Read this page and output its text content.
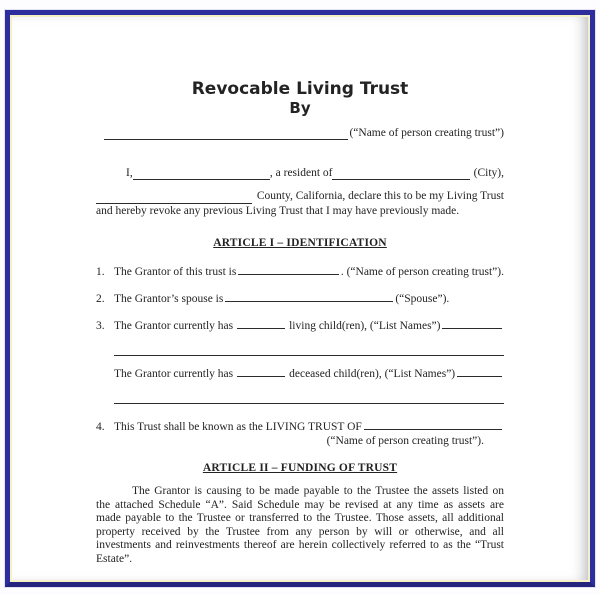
Revocable Living Trust
By
(“Name of person creating trust”)
I,	, a resident of	(City),
County, California, declare this to be my Living Trust
and hereby revoke any previous Living Trust that I may have previously made.
ARTICLE I – IDENTIFICATION
1. The Grantor of this trust is	. (“Name of person creating trust”).
2. The Grantor’s spouse is	(“Spouse”).
3. The Grantor currently has	living child(ren), (“List Names”)
The Grantor currently has	deceased child(ren), (“List Names”)
4. This Trust shall be known as the LIVING TRUST OF
(“Name of person creating trust”).
ARTICLE II – FUNDING OF TRUST
The Grantor is causing to be made payable to the Trustee the assets listed on the attached Schedule “A”. Said Schedule may be revised at any time as assets are made payable to the Trustee or transferred to the Trustee. Those assets, all additional property received by the Trustee from any person by will or otherwise, and all investments and reinvestments thereof are herein collectively referred to as the “Trust Estate”.
